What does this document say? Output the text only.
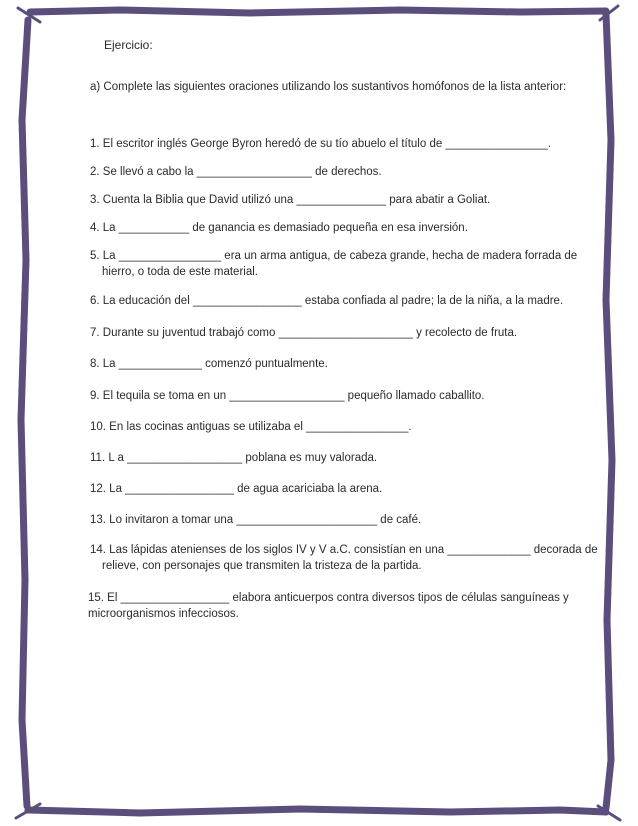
Ejercicio:
a) Complete las siguientes oraciones utilizando los sustantivos homófonos de la lista anterior:
1. El escritor inglés George Byron heredó de su tío abuelo el título de ________________.
2. Se llevó a cabo la __________________ de derechos.
3. Cuenta la Biblia que David utilizó una ______________ para abatir a Goliat.
4. La ___________ de ganancia es demasiado pequeña en esa inversión.
5. La ________________ era un arma antigua, de cabeza grande, hecha de madera forrada de
hierro, o toda de este material.
6. La educación del _________________ estaba confiada al padre; la de la niña, a la madre.
7. Durante su juventud trabajó como _____________________ y recolecto de fruta.
8. La _____________ comenzó puntualmente.
9. El tequila se toma en un __________________ pequeño llamado caballito.
10. En las cocinas antiguas se utilizaba el ________________.
11. L a __________________ poblana es muy valorada.
12. La _________________ de agua acariciaba la arena.
13. Lo invitaron a tomar una ______________________ de café.
14. Las lápidas atenienses de los siglos IV y V a.C. consistían en una _____________ decorada de
relieve, con personajes que transmiten la tristeza de la partida.
15. El _________________ elabora anticuerpos contra diversos tipos de células sanguíneas y
microorganismos infecciosos.
